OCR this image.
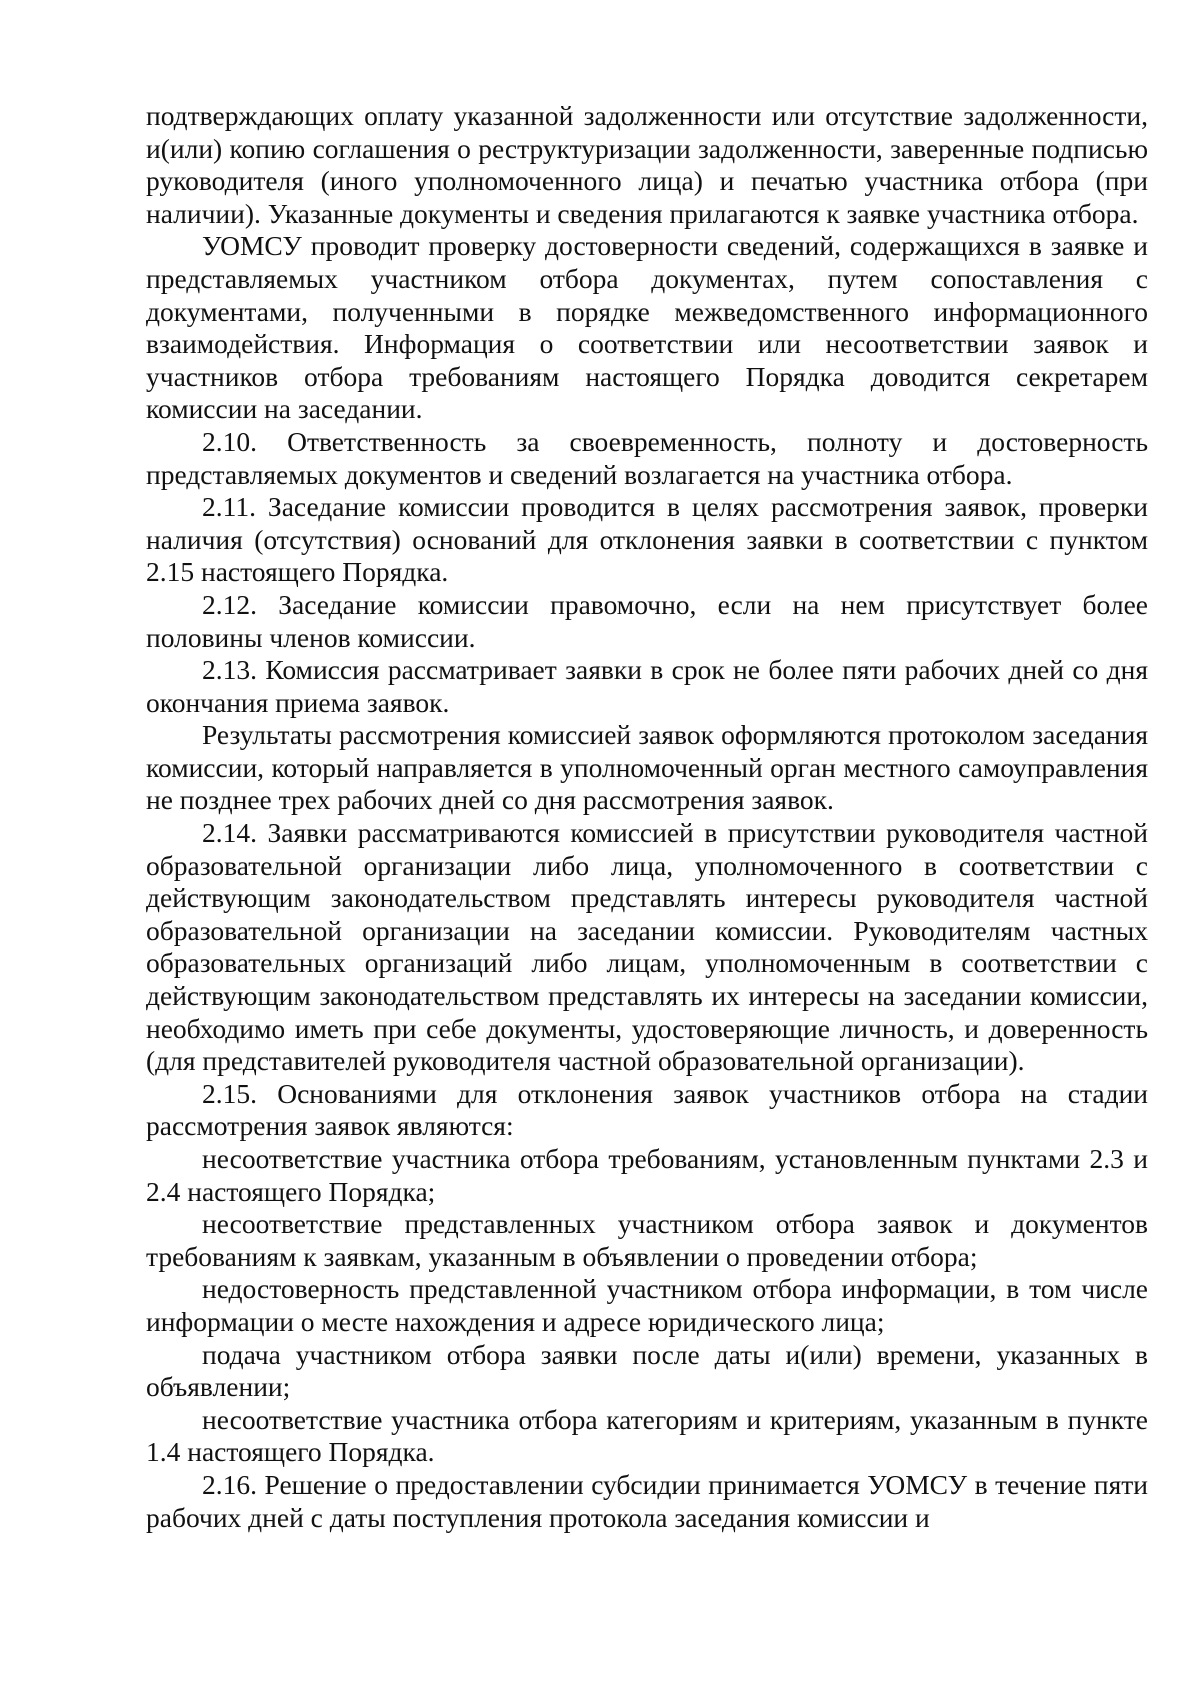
подтверждающих оплату указанной задолженности или отсутствие задолженности, и(или) копию соглашения о реструктуризации задолженности, заверенные подписью руководителя (иного уполномоченного лица) и печатью участника отбора (при наличии). Указанные документы и сведения прилагаются к заявке участника отбора.

УОМСУ проводит проверку достоверности сведений, содержащихся в заявке и представляемых участником отбора документах, путем сопоставления с документами, полученными в порядке межведомственного информационного взаимодействия. Информация о соответствии или несоответствии заявок и участников отбора требованиям настоящего Порядка доводится секретарем комиссии на заседании.

2.10. Ответственность за своевременность, полноту и достоверность представляемых документов и сведений возлагается на участника отбора.

2.11. Заседание комиссии проводится в целях рассмотрения заявок, проверки наличия (отсутствия) оснований для отклонения заявки в соответствии с пунктом 2.15 настоящего Порядка.

2.12. Заседание комиссии правомочно, если на нем присутствует более половины членов комиссии.

2.13. Комиссия рассматривает заявки в срок не более пяти рабочих дней со дня окончания приема заявок.

Результаты рассмотрения комиссией заявок оформляются протоколом заседания комиссии, который направляется в уполномоченный орган местного самоуправления не позднее трех рабочих дней со дня рассмотрения заявок.

2.14. Заявки рассматриваются комиссией в присутствии руководителя частной образовательной организации либо лица, уполномоченного в соответствии с действующим законодательством представлять интересы руководителя частной образовательной организации на заседании комиссии. Руководителям частных образовательных организаций либо лицам, уполномоченным в соответствии с действующим законодательством представлять их интересы на заседании комиссии, необходимо иметь при себе документы, удостоверяющие личность, и доверенность (для представителей руководителя частной образовательной организации).

2.15. Основаниями для отклонения заявок участников отбора на стадии рассмотрения заявок являются:

несоответствие участника отбора требованиям, установленным пунктами 2.3 и 2.4 настоящего Порядка;

несоответствие представленных участником отбора заявок и документов требованиям к заявкам, указанным в объявлении о проведении отбора;

недостоверность представленной участником отбора информации, в том числе информации о месте нахождения и адресе юридического лица;

подача участником отбора заявки после даты и(или) времени, указанных в объявлении;

несоответствие участника отбора категориям и критериям, указанным в пункте 1.4 настоящего Порядка.

2.16. Решение о предоставлении субсидии принимается УОМСУ в течение пяти рабочих дней с даты поступления протокола заседания комиссии и
